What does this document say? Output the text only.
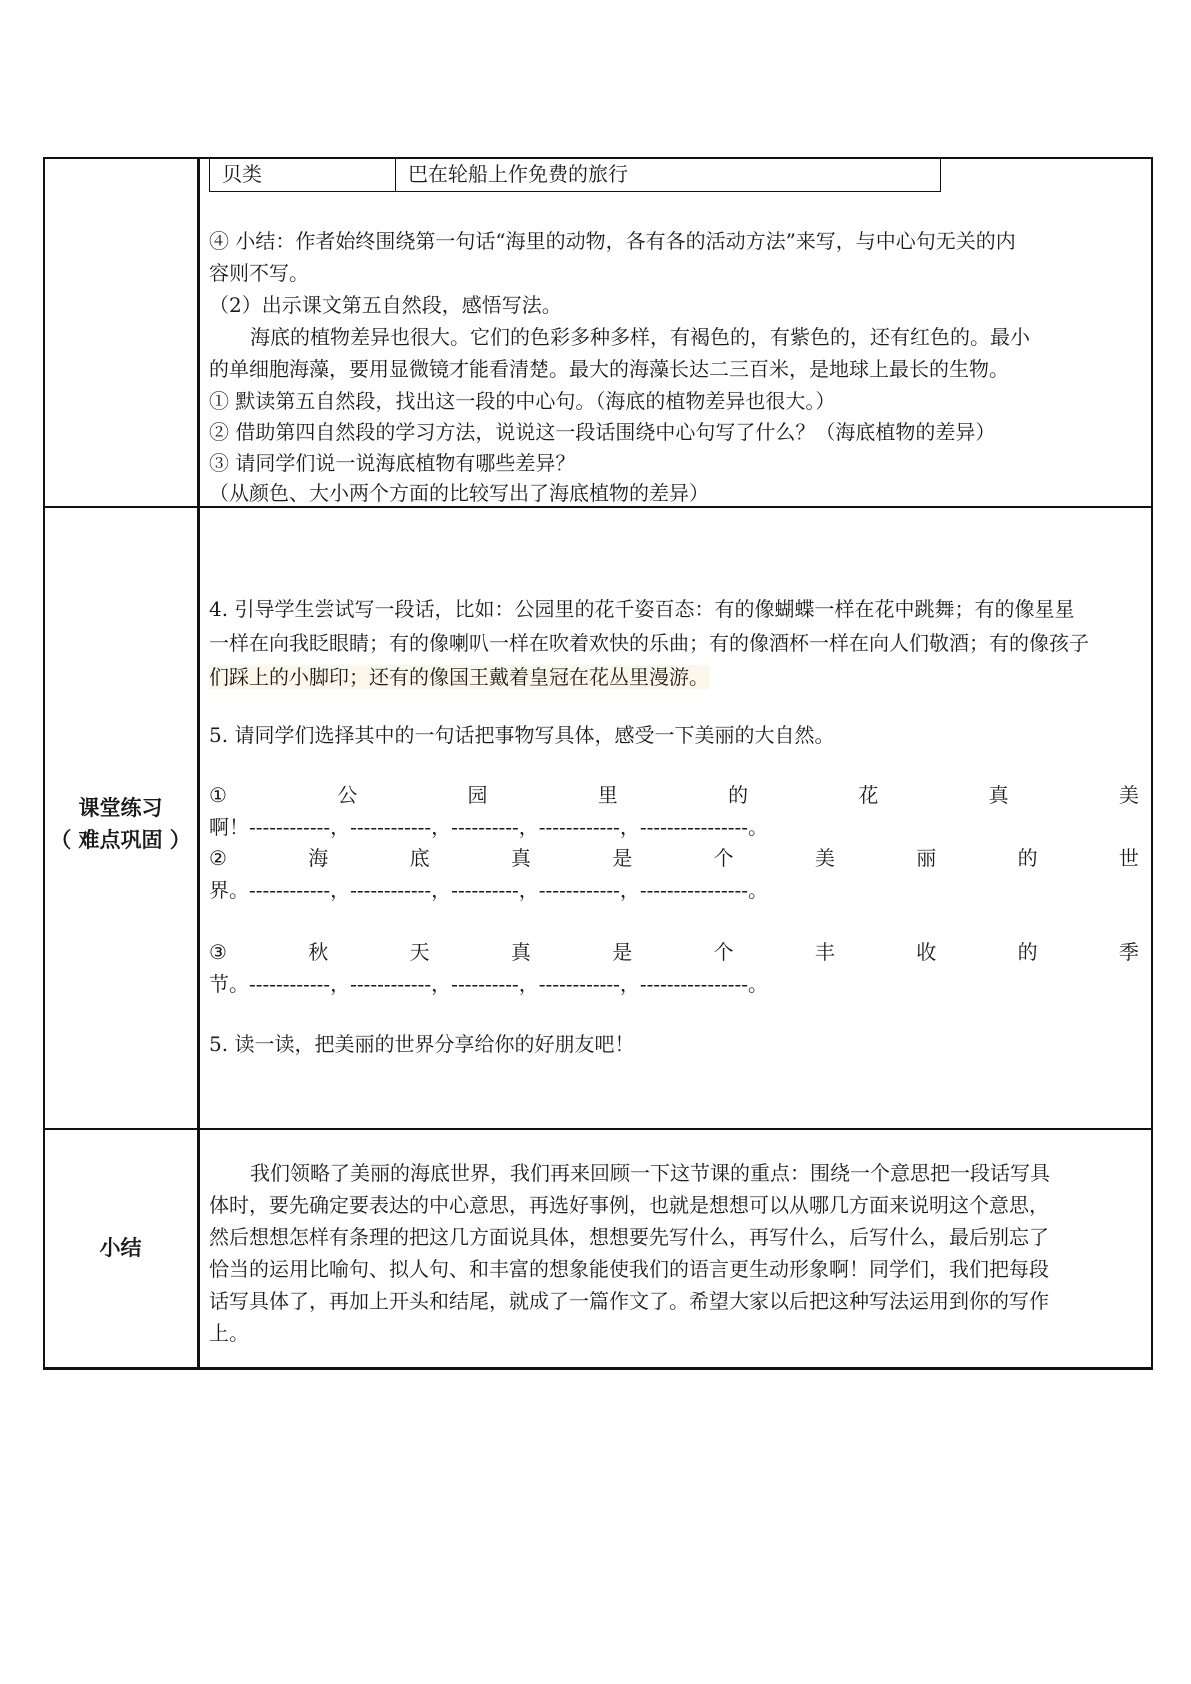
贝类	巴在轮船上作免费的旅行
④ 小结：作者始终围绕第一句话“海里的动物，各有各的活动方法”来写，与中心句无关的内
容则不写。
（2）出示课文第五自然段，感悟写法。
海底的植物差异也很大。它们的色彩多种多样，有褐色的，有紫色的，还有红色的。最小
的单细胞海藻，要用显微镜才能看清楚。最大的海藻长达二三百米，是地球上最长的生物。
① 默读第五自然段，找出这一段的中心句。（海底的植物差异也很大。）
② 借助第四自然段的学习方法，说说这一段话围绕中心句写了什么？（海底植物的差异）
③ 请同学们说一说海底植物有哪些差异？
（从颜色、大小两个方面的比较写出了海底植物的差异）
课堂练习
（ 难点巩固 ）
4. 引导学生尝试写一段话，比如：公园里的花千姿百态：有的像蝴蝶一样在花中跳舞；有的像星星
一样在向我眨眼睛；有的像喇叭一样在吹着欢快的乐曲；有的像酒杯一样在向人们敬酒；有的像孩子
们踩上的小脚印；还有的像国王戴着皇冠在花丛里漫游。
5. 请同学们选择其中的一句话把事物写具体，感受一下美丽的大自然。
①	公	园	里	的	花	真	美
啊！------------，------------，----------，------------，----------------。
②	海	底	真	是	个	美	丽	的	世
界。------------，------------，----------，------------，----------------。
③	秋	天	真	是	个	丰	收	的	季
节。------------，------------，----------，------------，----------------。
5. 读一读，把美丽的世界分享给你的好朋友吧！
小结
我们领略了美丽的海底世界，我们再来回顾一下这节课的重点：围绕一个意思把一段话写具
体时，要先确定要表达的中心意思，再选好事例，也就是想想可以从哪几方面来说明这个意思，
然后想想怎样有条理的把这几方面说具体，想想要先写什么，再写什么，后写什么，最后别忘了
恰当的运用比喻句、拟人句、和丰富的想象能使我们的语言更生动形象啊！同学们，我们把每段
话写具体了，再加上开头和结尾，就成了一篇作文了。希望大家以后把这种写法运用到你的写作
上。
